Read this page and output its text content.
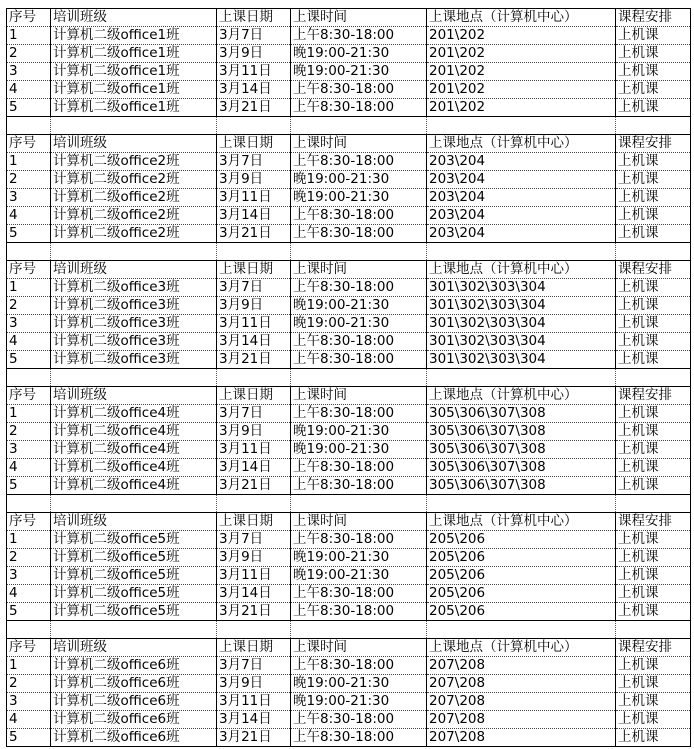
序号	培训班级	上课日期	上课时间	上课地点（计算机中心）	课程安排
1	计算机二级office1班	3月7日	上午8:30-18:00	201\202	上机课
2	计算机二级office1班	3月9日	晚19:00-21:30	201\202	上机课
3	计算机二级office1班	3月11日	晚19:00-21:30	201\202	上机课
4	计算机二级office1班	3月14日	上午8:30-18:00	201\202	上机课
5	计算机二级office1班	3月21日	上午8:30-18:00	201\202	上机课

序号	培训班级	上课日期	上课时间	上课地点（计算机中心）	课程安排
1	计算机二级office2班	3月7日	上午8:30-18:00	203\204	上机课
2	计算机二级office2班	3月9日	晚19:00-21:30	203\204	上机课
3	计算机二级office2班	3月11日	晚19:00-21:30	203\204	上机课
4	计算机二级office2班	3月14日	上午8:30-18:00	203\204	上机课
5	计算机二级office2班	3月21日	上午8:30-18:00	203\204	上机课

序号	培训班级	上课日期	上课时间	上课地点（计算机中心）	课程安排
1	计算机二级office3班	3月7日	上午8:30-18:00	301\302\303\304	上机课
2	计算机二级office3班	3月9日	晚19:00-21:30	301\302\303\304	上机课
3	计算机二级office3班	3月11日	晚19:00-21:30	301\302\303\304	上机课
4	计算机二级office3班	3月14日	上午8:30-18:00	301\302\303\304	上机课
5	计算机二级office3班	3月21日	上午8:30-18:00	301\302\303\304	上机课

序号	培训班级	上课日期	上课时间	上课地点（计算机中心）	课程安排
1	计算机二级office4班	3月7日	上午8:30-18:00	305\306\307\308	上机课
2	计算机二级office4班	3月9日	晚19:00-21:30	305\306\307\308	上机课
3	计算机二级office4班	3月11日	晚19:00-21:30	305\306\307\308	上机课
4	计算机二级office4班	3月14日	上午8:30-18:00	305\306\307\308	上机课
5	计算机二级office4班	3月21日	上午8:30-18:00	305\306\307\308	上机课

序号	培训班级	上课日期	上课时间	上课地点（计算机中心）	课程安排
1	计算机二级office5班	3月7日	上午8:30-18:00	205\206	上机课
2	计算机二级office5班	3月9日	晚19:00-21:30	205\206	上机课
3	计算机二级office5班	3月11日	晚19:00-21:30	205\206	上机课
4	计算机二级office5班	3月14日	上午8:30-18:00	205\206	上机课
5	计算机二级office5班	3月21日	上午8:30-18:00	205\206	上机课

序号	培训班级	上课日期	上课时间	上课地点（计算机中心）	课程安排
1	计算机二级office6班	3月7日	上午8:30-18:00	207\208	上机课
2	计算机二级office6班	3月9日	晚19:00-21:30	207\208	上机课
3	计算机二级office6班	3月11日	晚19:00-21:30	207\208	上机课
4	计算机二级office6班	3月14日	上午8:30-18:00	207\208	上机课
5	计算机二级office6班	3月21日	上午8:30-18:00	207\208	上机课
